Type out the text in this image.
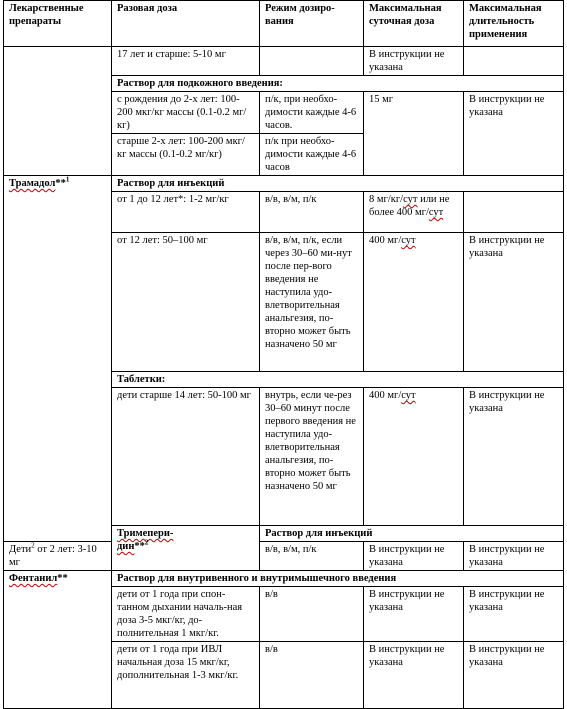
Лекарственные препараты	Разовая доза	Режим дозиро-вания	Максимальная суточная доза	Максимальная длительность применения
	17 лет и старше: 5-10 мг		В инструкции не указана	
	Раствор для подкожного введения:			
	с рождения до 2-х лет: 100-200 мкг/кг массы (0.1-0.2 мг/кг)	п/к, при необхо-димости каждые 4-6 часов.	15 мг	В инструкции не указана
	старше 2-х лет: 100-200 мкг/кг массы (0.1-0.2 мг/кг)	п/к при необхо-димости каждые 4-6 часов		
Трамадол**$^1$	Раствор для инъекций			
	от 1 до 12 лет*: 1-2 мг/кг	в/в, в/м, п/к	8 мг/кг/сут или не более 400 мг/сут	
	от 12 лет: 50–100 мг	в/в, в/м, п/к, если через 30–60 ми-нут после пер-вого введения не наступила удо-влетворительная анальгезия, по-вторно может быть назначено 50 мг	400 мг/сут	В инструкции не указана
	Таблетки:			
	дети старше 14 лет: 50-100 мг	внутрь, если че-рез 30–60 минут после первого введения не наступила удо-влетворительная анальгезия, по-вторно может быть назначено 50 мг	400 мг/сут	В инструкции не указана
	Тримепери-
дин**$^2$	Раствор для инъекций		
Дети$^2$ от 2 лет: 3-10 мг		в/в, в/м, п/к	В инструкции не указана	В инструкции не указана
Фентанил**	Раствор для внутривенного и внутримышечного введения			
	дети от 1 года при спон-танном дыхании началь-ная доза 3-5 мкг/кг, до-полнительная 1 мкг/кг.	в/в	В инструкции не указана	В инструкции не указана
	дети от 1 года при ИВЛ начальная доза 15 мкг/кг, дополнительная 1-3 мкг/кг.	в/в	В инструкции не указана	В инструкции не указана
